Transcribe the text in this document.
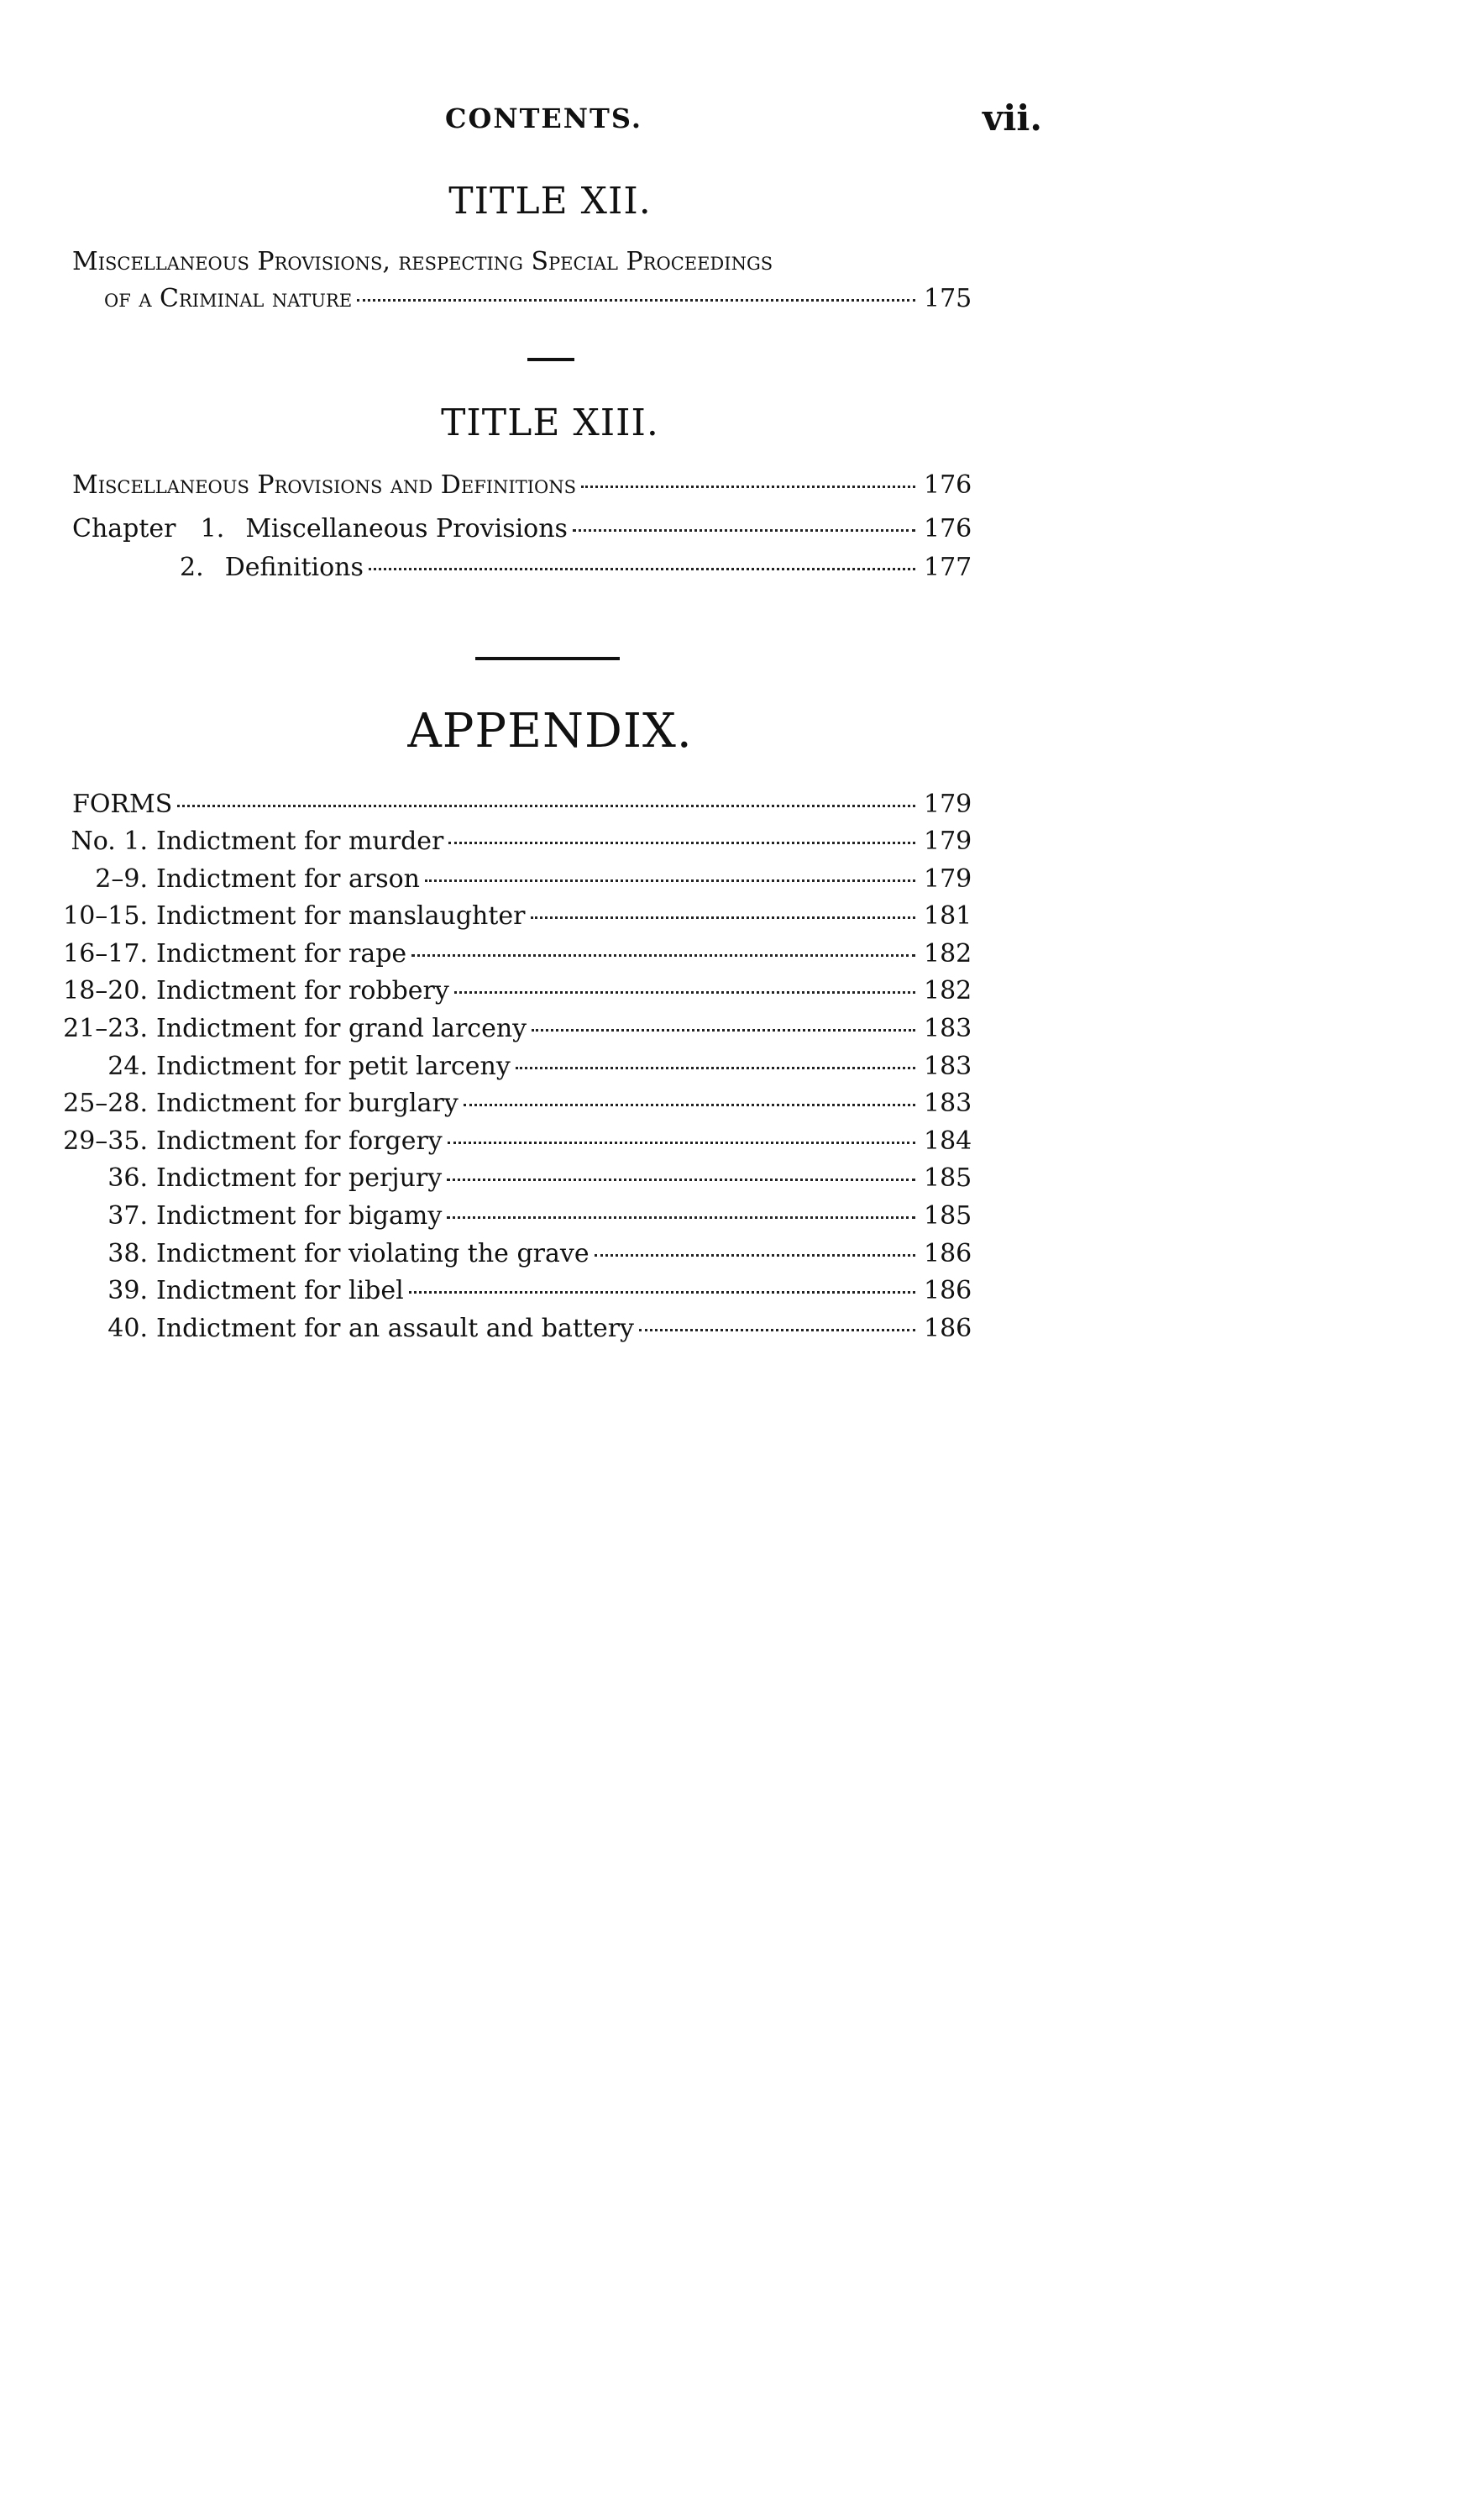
CONTENTS.	vii.
TITLE XII.
Miscellaneous Provisions, respecting Special Proceedings
of a Criminal nature	175
TITLE XIII.
Miscellaneous Provisions and Definitions	176
Chapter 1. Miscellaneous Provisions	176
2. Definitions	177
APPENDIX.
FORMS	179
No. 1. Indictment for murder	179
2–9. Indictment for arson	179
10–15. Indictment for manslaughter	181
16–17. Indictment for rape	182
18–20. Indictment for robbery	182
21–23. Indictment for grand larceny	183
24. Indictment for petit larceny	183
25–28. Indictment for burglary	183
29–35. Indictment for forgery	184
36. Indictment for perjury	185
37. Indictment for bigamy	185
38. Indictment for violating the grave	186
39. Indictment for libel	186
40. Indictment for an assault and battery	186
